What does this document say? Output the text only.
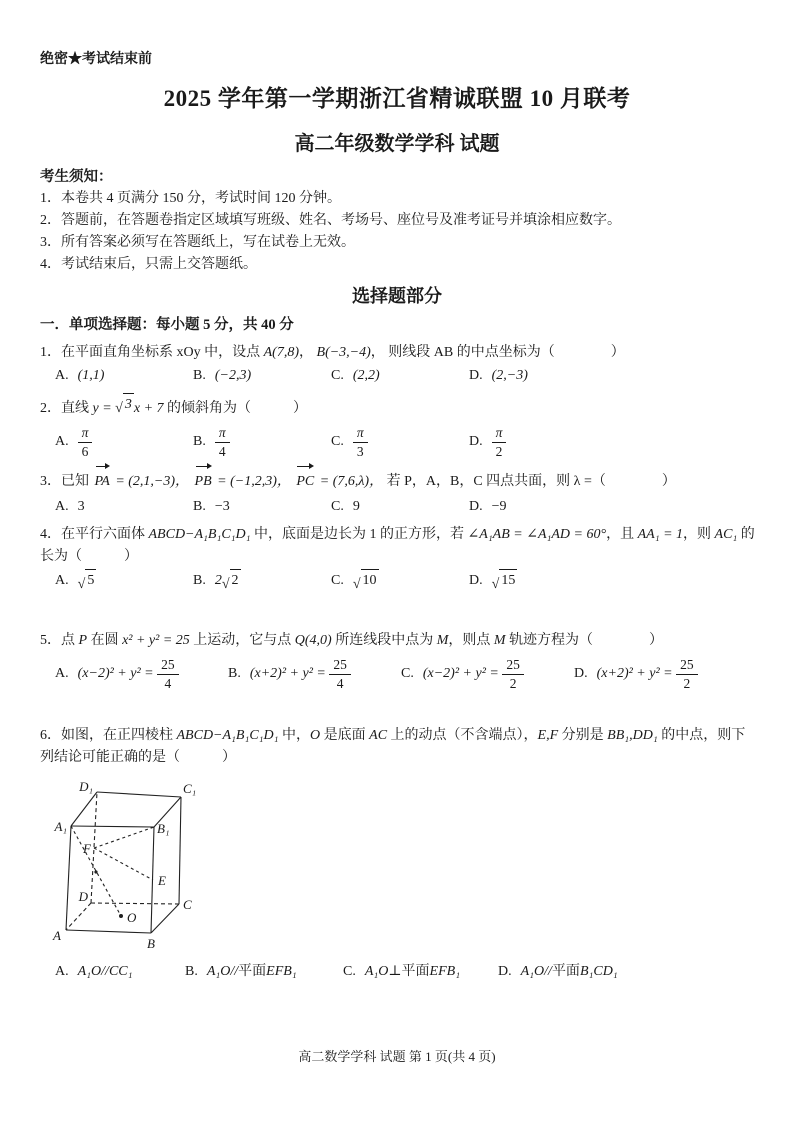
绝密★考试结束前
2025 学年第一学期浙江省精诚联盟 10 月联考
高二年级数学学科 试题
考生须知：
1．本卷共 4 页满分 150 分，考试时间 120 分钟。
2．答题前，在答题卷指定区域填写班级、姓名、考场号、座位号及准考证号并填涂相应数字。
3．所有答案必须写在答题纸上，写在试卷上无效。
4．考试结束后，只需上交答题纸。
选择题部分
一．单项选择题：每小题 5 分，共 40 分
1．在平面直角坐标系 xOy 中，设点 A(7,8)， B(−3,−4)， 则线段 AB 的中点坐标为（　　　　）
A. (1,1)	B. (−2,3)	C. (2,2)	D. (2,−3)
2．直线 y = √ 3 x + 7 的倾斜角为（　　　）
A. $\frac{\pi}{6}$	B. $\frac{\pi}{4}$	C. $\frac{\pi}{3}$	D. $\frac{\pi}{2}$
3．已知 PA = (2,1,−3)， PB = (−1,2,3)， PC = (7,6,λ)， 若 P，A，B，C 四点共面，则 λ =（　　　　）
A. 3	B. −3	C. 9	D. −9
4．在平行六面体 ABCD−A₁B₁C₁D₁ 中，底面是边长为 1 的正方形，若 ∠A₁AB = ∠A₁AD = 60°，且 AA₁ = 1，则 AC₁ 的
长为（　　　）
A. √ 5	B. 2 √ 2	C. √ 10	D. √ 15
5．点 P 在圆 x² + y² = 25 上运动，它与点 Q(4,0) 所连线段中点为 M，则点 M 轨迹方程为（　　　　）
A. (x−2)² + y² =
$\frac{25}{4}$	B. (x+2)² + y² =
$\frac{25}{4}$	C. (x−2)² + y² =
$\frac{25}{2}$	D. (x+2)² + y² =
$\frac{25}{2}$
6．如图，在正四棱柱 ABCD−A₁B₁C₁D₁ 中，O 是底面 AC 上的动点（不含端点），E,F 分别是 BB₁,DD₁ 的中点，则下
列结论可能正确的是（　　　）
D₁	C₁
A₁	B₁
F
E
D
C
A
B
O
A. A₁O // CC₁	B. A₁O // 平面 EFB₁	C. A₁O ⊥ 平面 EFB₁	D. A₁O // 平面 B₁CD₁
高二数学学科 试题 第 1 页(共 4 页)
